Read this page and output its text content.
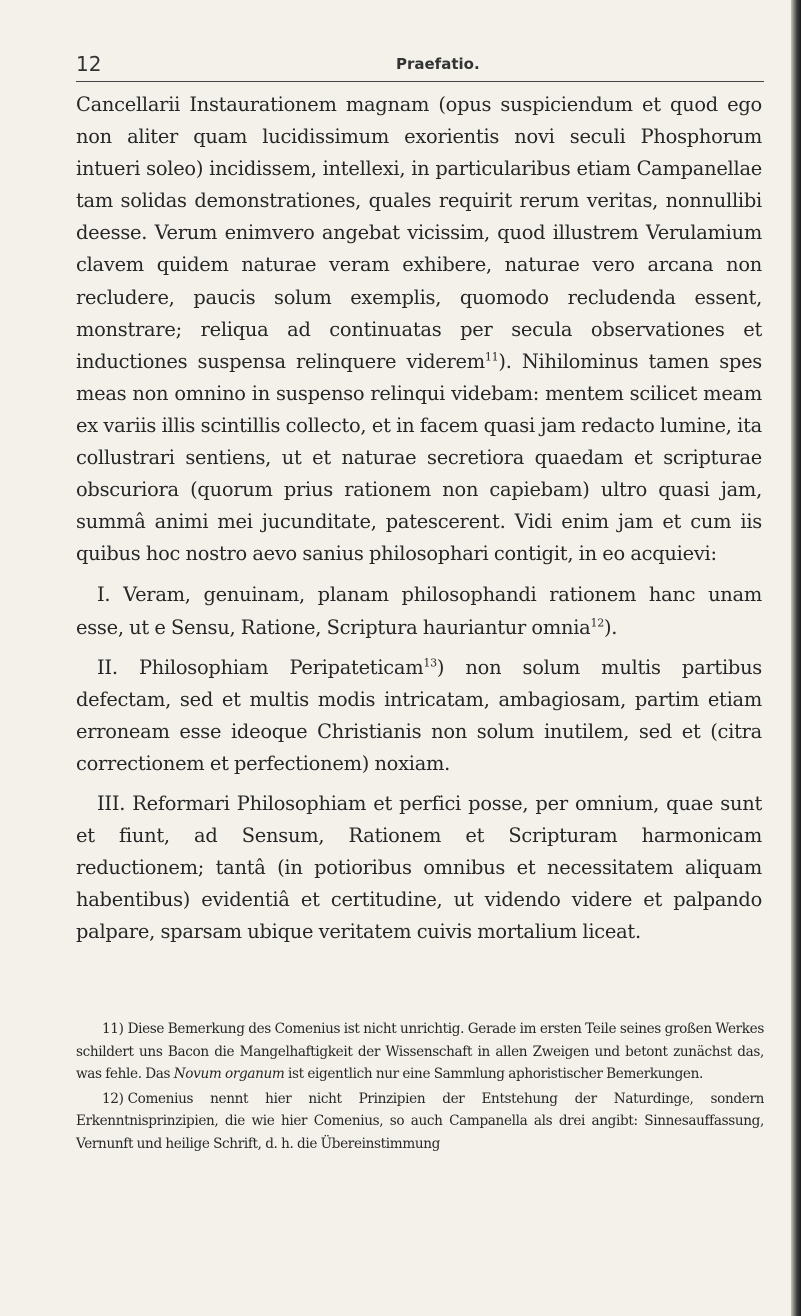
12	Praefatio.

Cancellarii Instaurationem magnam (opus suspiciendum et quod ego non aliter quam lucidissimum exorientis novi seculi Phosphorum intueri soleo) incidissem, intellexi, in particularibus etiam Campanellae tam solidas demonstrationes, quales requirit rerum veritas, nonnullibi deesse. Verum enimvero angebat vicissim, quod illustrem Verulamium clavem quidem naturae veram exhibere, naturae vero arcana non recludere, paucis solum exemplis, quomodo recludenda essent, monstrare; reliqua ad continuatas per secula observationes et inductiones suspensa relinquere viderem$^{11}$). Nihilominus tamen spes meas non omnino in suspenso relinqui videbam: mentem scilicet meam ex variis illis scintillis collecto, et in facem quasi jam redacto lumine, ita collustrari sentiens, ut et naturae secretiora quaedam et scripturae obscuriora (quorum prius rationem non capiebam) ultro quasi jam, summâ animi mei jucunditate, patescerent. Vidi enim jam et cum iis quibus hoc nostro aevo sanius philosophari contigit, in eo acquievi:

I. Veram, genuinam, planam philosophandi rationem hanc unam esse, ut e Sensu, Ratione, Scriptura hauriantur omnia$^{12}$).

II. Philosophiam Peripateticam$^{13}$) non solum multis partibus defectam, sed et multis modis intricatam, ambagiosam, partim etiam erroneam esse ideoque Christianis non solum inutilem, sed et (citra correctionem et perfectionem) noxiam.

III. Reformari Philosophiam et perfici posse, per omnium, quae sunt et fiunt, ad Sensum, Rationem et Scripturam harmonicam reductionem; tantâ (in potioribus omnibus et necessitatem aliquam habentibus) evidentiâ et certitudine, ut videndo videre et palpando palpare, sparsam ubique veritatem cuivis mortalium liceat.

11) Diese Bemerkung des Comenius ist nicht unrichtig. Gerade im ersten Teile seines großen Werkes schildert uns Bacon die Mangelhaftigkeit der Wissenschaft in allen Zweigen und betont zunächst das, was fehle. Das Novum organum ist eigentlich nur eine Sammlung aphoristischer Bemerkungen.

12) Comenius nennt hier nicht Prinzipien der Entstehung der Naturdinge, sondern Erkenntnisprinzipien, die wie hier Comenius, so auch Campanella als drei angibt: Sinnesauffassung, Vernunft und heilige Schrift, d. h. die Übereinstimmung
